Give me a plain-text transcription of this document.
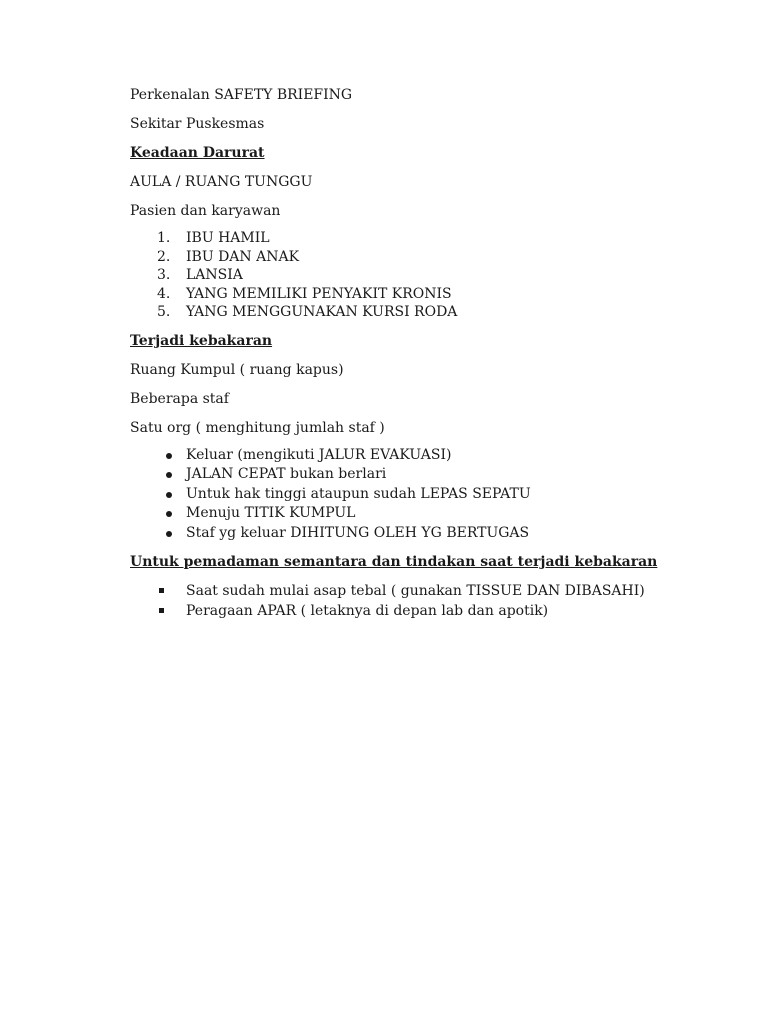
Perkenalan SAFETY BRIEFING

Sekitar Puskesmas

Keadaan Darurat

AULA / RUANG TUNGGU

Pasien dan karyawan

1. IBU HAMIL
2. IBU DAN ANAK
3. LANSIA
4. YANG MEMILIKI PENYAKIT KRONIS
5. YANG MENGGUNAKAN KURSI RODA

Terjadi kebakaran

Ruang Kumpul ( ruang kapus)

Beberapa staf

Satu org ( menghitung jumlah staf )

Keluar (mengikuti JALUR EVAKUASI)
JALAN CEPAT bukan berlari
Untuk hak tinggi ataupun sudah LEPAS SEPATU
Menuju TITIK KUMPUL
Staf yg keluar DIHITUNG OLEH YG BERTUGAS

Untuk pemadaman semantara dan tindakan saat terjadi kebakaran

Saat sudah mulai asap tebal ( gunakan TISSUE DAN DIBASAHI)
Peragaan APAR ( letaknya di depan lab dan apotik)
